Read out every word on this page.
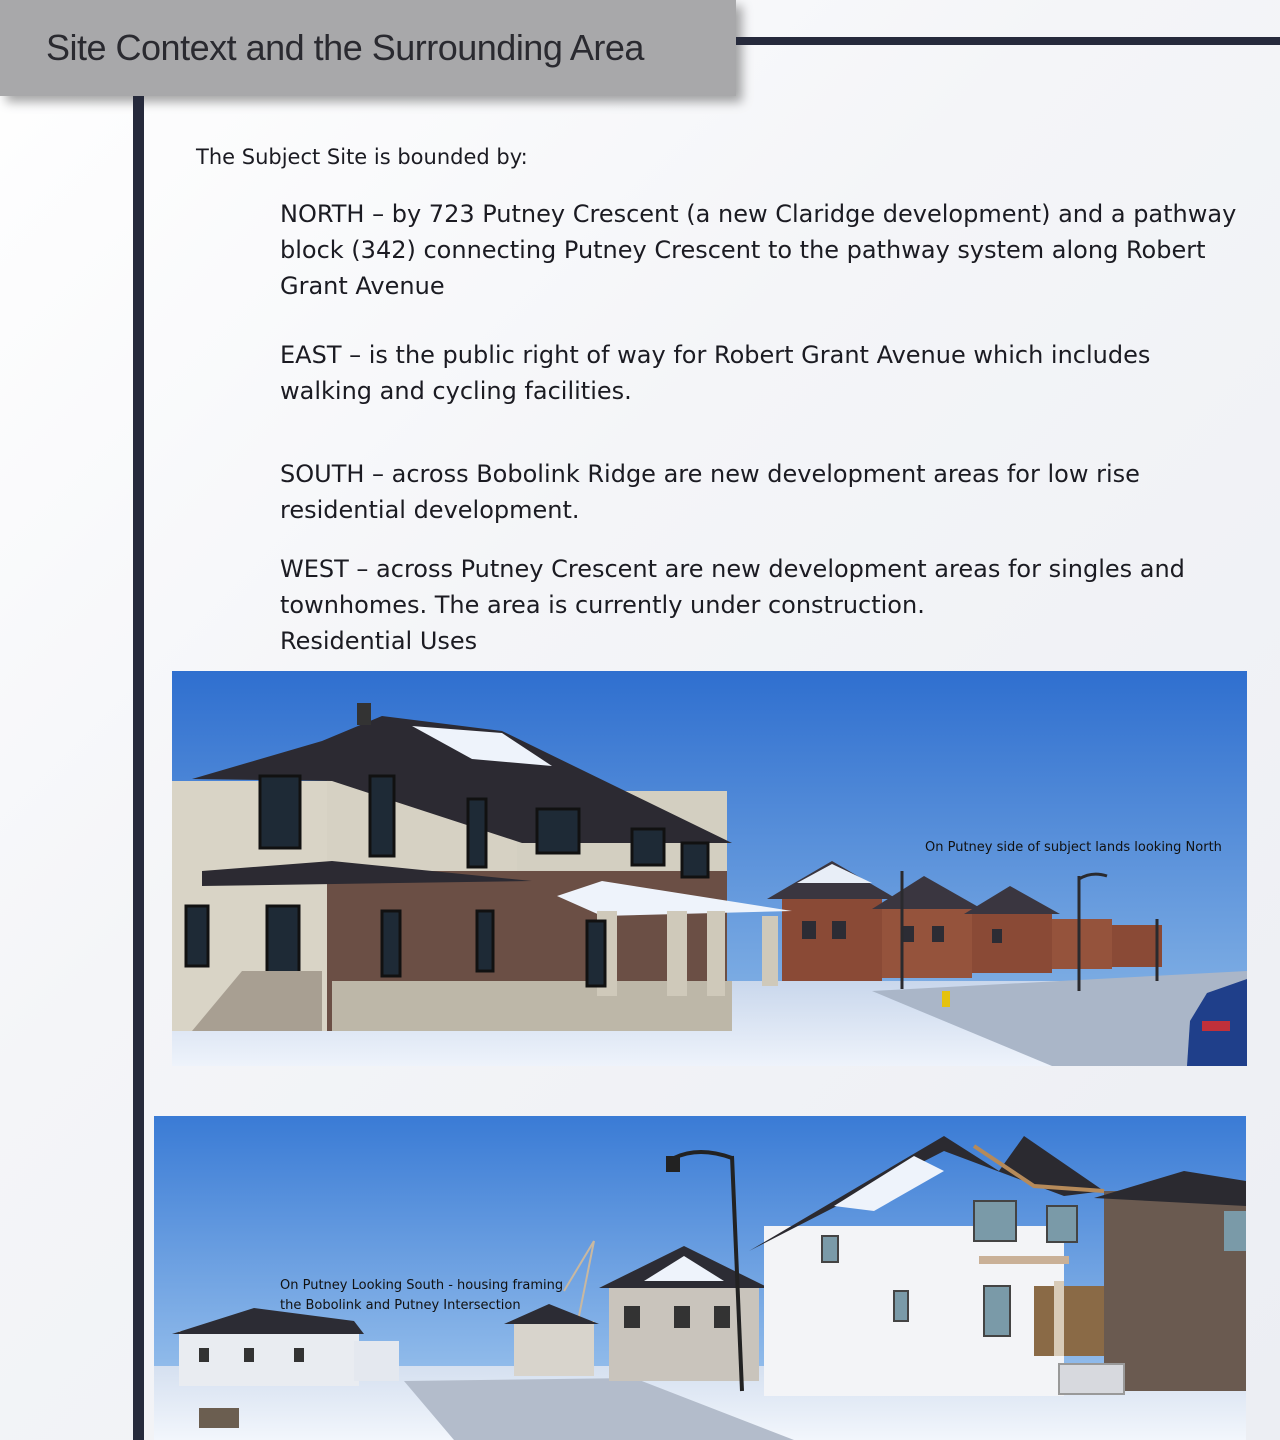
Site Context and the Surrounding Area
The Subject Site is bounded by:
NORTH – by 723 Putney Crescent (a new Claridge development) and a pathway block (342) connecting Putney Crescent to the pathway system along Robert Grant Avenue
EAST – is the public right of way for Robert Grant Avenue which includes walking and cycling facilities.
SOUTH – across Bobolink Ridge are new development areas for low rise residential development.
WEST – across Putney Crescent are new development areas for singles and townhomes. The area is currently under construction.
Residential Uses
On Putney side of subject lands looking North
On Putney Looking South - housing framing
the Bobolink and Putney Intersection
